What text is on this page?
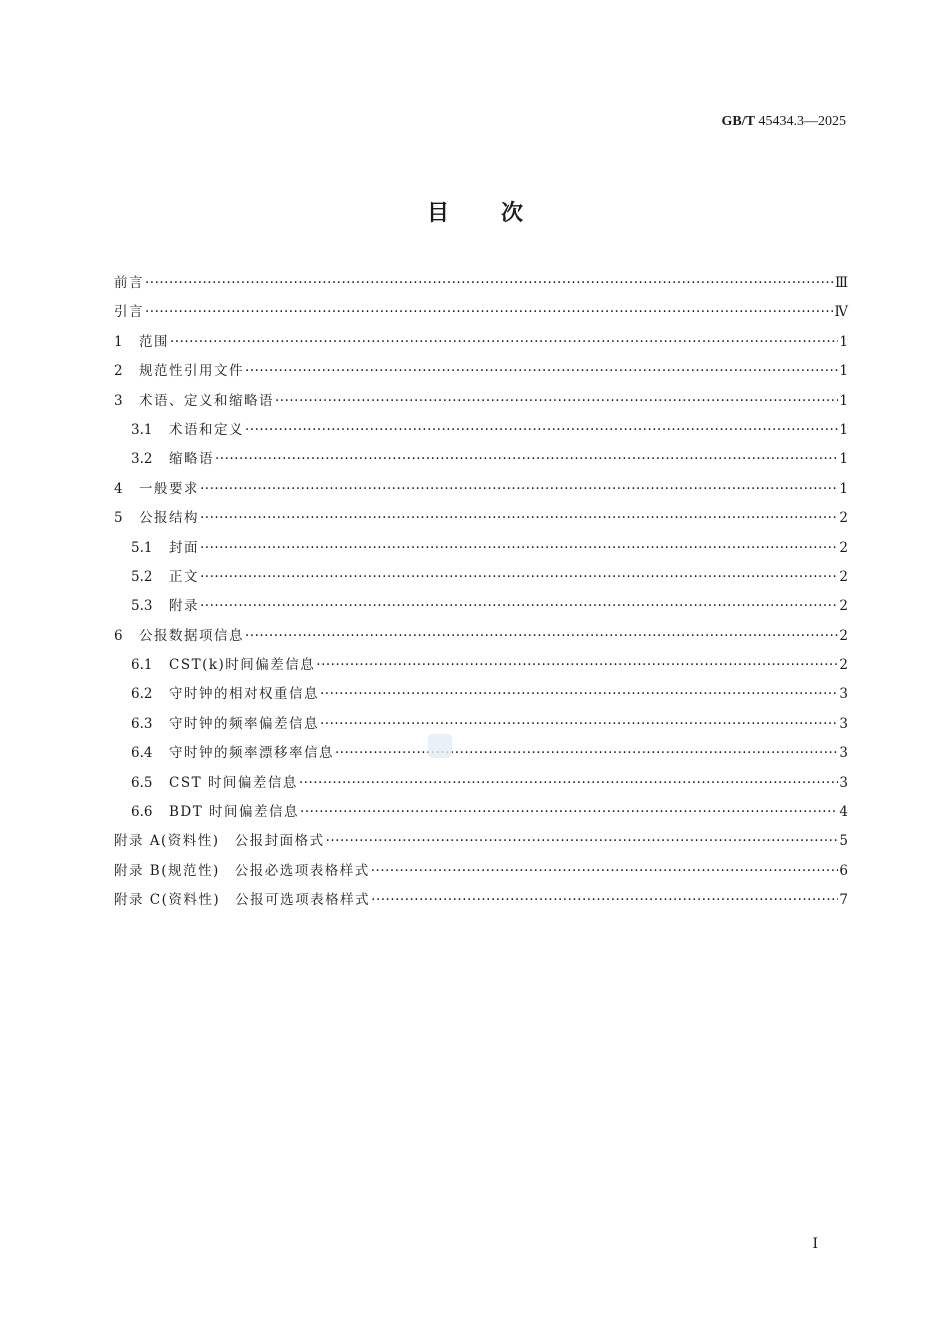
GB/T 45434.3—2025
目次
前言 ·····	Ⅲ
引言 ·····	Ⅳ
1	范围 ·····	1
2	规范性引用文件 ·····	1
3	术语、定义和缩略语 ·····	1
3.1	术语和定义 ·····	1
3.2	缩略语 ·····	1
4	一般要求 ·····	1
5	公报结构 ·····	2
5.1	封面 ·····	2
5.2	正文 ·····	2
5.3	附录 ·····	2
6	公报数据项信息 ·····	2
6.1	CST(k)时间偏差信息 ·····	2
6.2	守时钟的相对权重信息 ·····	3
6.3	守时钟的频率偏差信息 ·····	3
6.4	守时钟的频率漂移率信息 ·····	3
6.5	CST 时间偏差信息 ·····	3
6.6	BDT 时间偏差信息 ·····	4
附录 A(资料性)　公报封面格式 ·····	5
附录 B(规范性)　公报必选项表格样式 ·····	6
附录 C(资料性)　公报可选项表格样式 ·····	7
I
